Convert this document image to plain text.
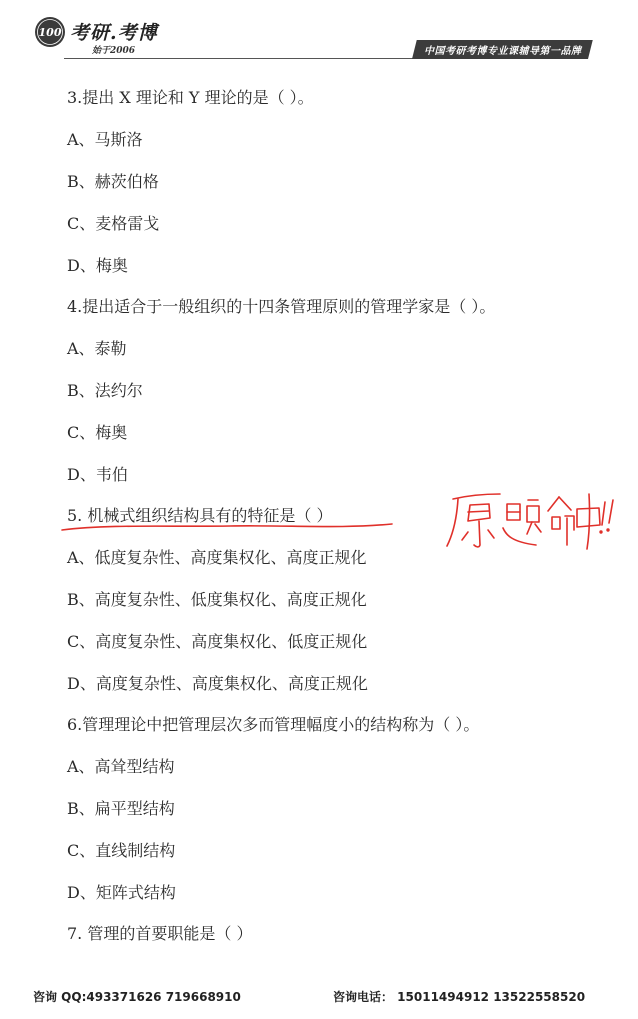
100 考研.考博
始于2006	中国考研考博专业课辅导第一品牌
3.提出 X 理论和 Y 理论的是（ ）。
A、马斯洛
B、赫茨伯格
C、麦格雷戈
D、梅奥
4.提出适合于一般组织的十四条管理原则的管理学家是（ ）。
A、泰勒
B、法约尔
C、梅奥
D、韦伯
5. 机械式组织结构具有的特征是（ ）
A、低度复杂性、高度集权化、高度正规化
B、高度复杂性、低度集权化、高度正规化
C、高度复杂性、高度集权化、低度正规化
D、高度复杂性、高度集权化、高度正规化
6.管理理论中把管理层次多而管理幅度小的结构称为（ ）。
A、高耸型结构
B、扁平型结构
C、直线制结构
D、矩阵式结构
7. 管理的首要职能是（ ）
咨询 QQ:493371626 719668910	咨询电话： 15011494912 13522558520
